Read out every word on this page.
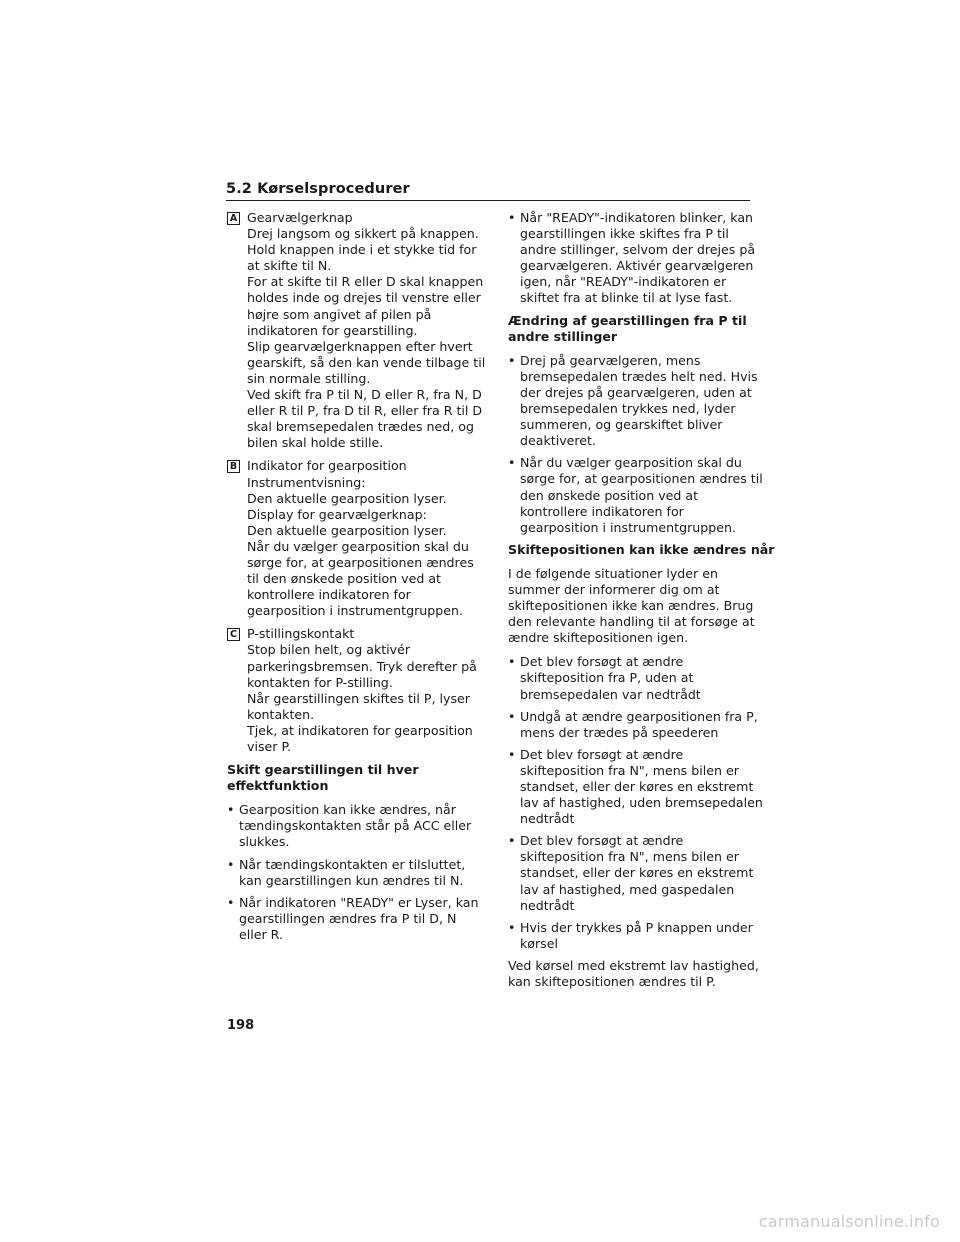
5.2 Kørselsprocedurer
A Gearvælgerknap
Drej langsom og sikkert på knappen.
Hold knappen inde i et stykke tid for
at skifte til N.
For at skifte til R eller D skal knappen
holdes inde og drejes til venstre eller
højre som angivet af pilen på
indikatoren for gearstilling.
Slip gearvælgerknappen efter hvert
gearskift, så den kan vende tilbage til
sin normale stilling.
Ved skift fra P til N, D eller R, fra N, D
eller R til P, fra D til R, eller fra R til D
skal bremsepedalen trædes ned, og
bilen skal holde stille.
B Indikator for gearposition
Instrumentvisning:
Den aktuelle gearposition lyser.
Display for gearvælgerknap:
Den aktuelle gearposition lyser.
Når du vælger gearposition skal du
sørge for, at gearpositionen ændres
til den ønskede position ved at
kontrollere indikatoren for
gearposition i instrumentgruppen.
C P-stillingskontakt
Stop bilen helt, og aktivér
parkeringsbremsen. Tryk derefter på
kontakten for P-stilling.
Når gearstillingen skiftes til P, lyser
kontakten.
Tjek, at indikatoren for gearposition
viser P.
Skift gearstillingen til hver
effektfunktion
• Gearposition kan ikke ændres, når
tændingskontakten står på ACC eller
slukkes.
• Når tændingskontakten er tilsluttet,
kan gearstillingen kun ændres til N.
• Når indikatoren "READY" er Lyser, kan
gearstillingen ændres fra P til D, N
eller R.
• Når "READY"-indikatoren blinker, kan
gearstillingen ikke skiftes fra P til
andre stillinger, selvom der drejes på
gearvælgeren. Aktivér gearvælgeren
igen, når "READY"-indikatoren er
skiftet fra at blinke til at lyse fast.
Ændring af gearstillingen fra P til
andre stillinger
• Drej på gearvælgeren, mens
bremsepedalen trædes helt ned. Hvis
der drejes på gearvælgeren, uden at
bremsepedalen trykkes ned, lyder
summeren, og gearskiftet bliver
deaktiveret.
• Når du vælger gearposition skal du
sørge for, at gearpositionen ændres til
den ønskede position ved at
kontrollere indikatoren for
gearposition i instrumentgruppen.
Skiftepositionen kan ikke ændres når
I de følgende situationer lyder en
summer der informerer dig om at
skiftepositionen ikke kan ændres. Brug
den relevante handling til at forsøge at
ændre skiftepositionen igen.
• Det blev forsøgt at ændre
skifteposition fra P, uden at
bremsepedalen var nedtrådt
• Undgå at ændre gearpositionen fra P,
mens der trædes på speederen
• Det blev forsøgt at ændre
skifteposition fra N", mens bilen er
standset, eller der køres en ekstremt
lav af hastighed, uden bremsepedalen
nedtrådt
• Det blev forsøgt at ændre
skifteposition fra N", mens bilen er
standset, eller der køres en ekstremt
lav af hastighed, med gaspedalen
nedtrådt
• Hvis der trykkes på P knappen under
kørsel
Ved kørsel med ekstremt lav hastighed,
kan skiftepositionen ændres til P.
198
carmanualsonline.info
